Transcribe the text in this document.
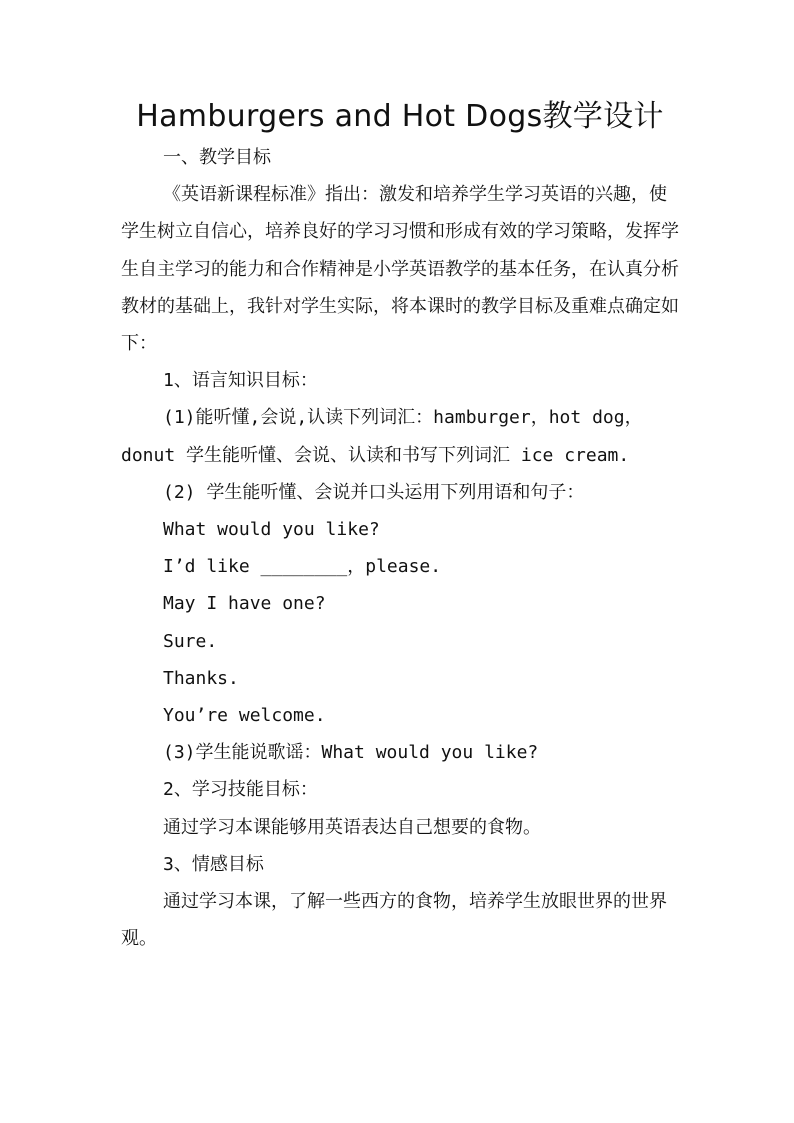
Hamburgers and Hot Dogs教学设计

一、教学目标

《英语新课程标准》指出：激发和培养学生学习英语的兴趣，使学生树立自信心，培养良好的学习习惯和形成有效的学习策略，发挥学生自主学习的能力和合作精神是小学英语教学的基本任务，在认真分析教材的基础上，我针对学生实际，将本课时的教学目标及重难点确定如下：

1、语言知识目标：

(1)能听懂,会说,认读下列词汇：hamburger，hot dog，donut 学生能听懂、会说、认读和书写下列词汇 ice cream.

(2) 学生能听懂、会说并口头运用下列用语和句子：

What would you like?

I’d like ________，please.

May I have one?

Sure.

Thanks.

You’re welcome.

(3)学生能说歌谣：What would you like?

2、学习技能目标：

通过学习本课能够用英语表达自己想要的食物。

3、情感目标

通过学习本课，了解一些西方的食物，培养学生放眼世界的世界观。
